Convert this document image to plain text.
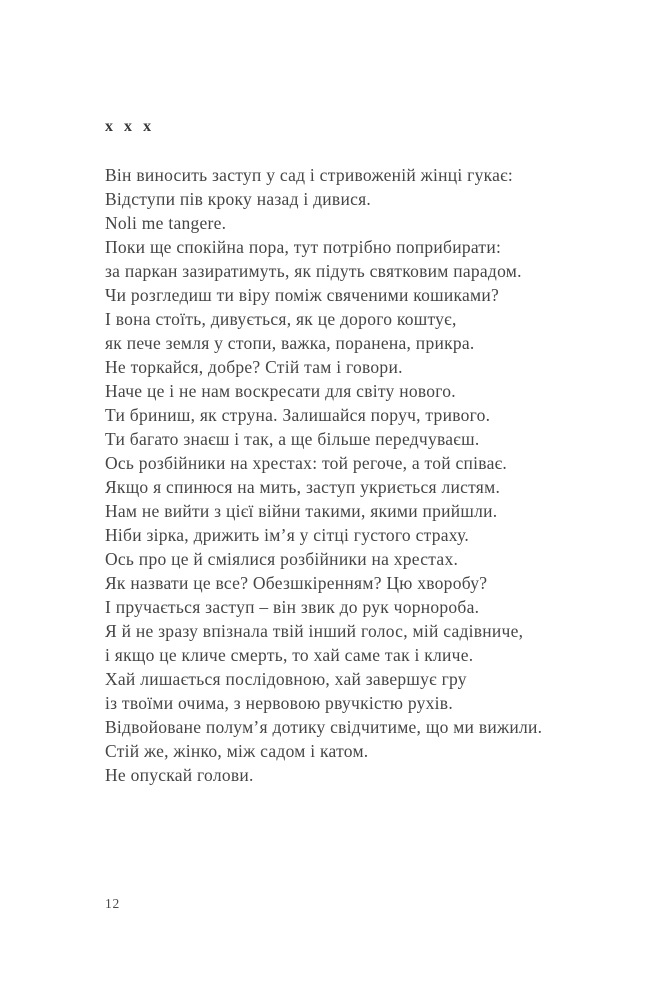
x x x
Він виносить заступ у сад і стривоженій жінці гукає:
Відступи пів кроку назад і дивися.
Noli me tangere.
Поки ще спокійна пора, тут потрібно поприбирати:
за паркан зазиратимуть, як підуть святковим парадом.
Чи розгледиш ти віру поміж свяченими кошиками?
І вона стоїть, дивується, як це дорого коштує,
як пече земля у стопи, важка, поранена, прикра.
Не торкайся, добре? Стій там і говори.
Наче це і не нам воскресати для світу нового.
Ти бриниш, як струна. Залишайся поруч, тривого.
Ти багато знаєш і так, а ще більше передчуваєш.
Ось розбійники на хрестах: той регоче, а той співає.
Якщо я спинюся на мить, заступ укриється листям.
Нам не вийти з цієї війни такими, якими прийшли.
Ніби зірка, дрижить ім’я у сітці густого страху.
Ось про це й сміялися розбійники на хрестах.
Як назвати це все? Обезшкіренням? Цю хворобу?
І пручається заступ – він звик до рук чорнороба.
Я й не зразу впізнала твій інший голос, мій садівниче,
і якщо це кличе смерть, то хай саме так і кличе.
Хай лишається послідовною, хай завершує гру
із твоїми очима, з нервовою рвучкістю рухів.
Відвойоване полум’я дотику свідчитиме, що ми вижили.
Стій же, жінко, між садом і катом.
Не опускай голови.
12
